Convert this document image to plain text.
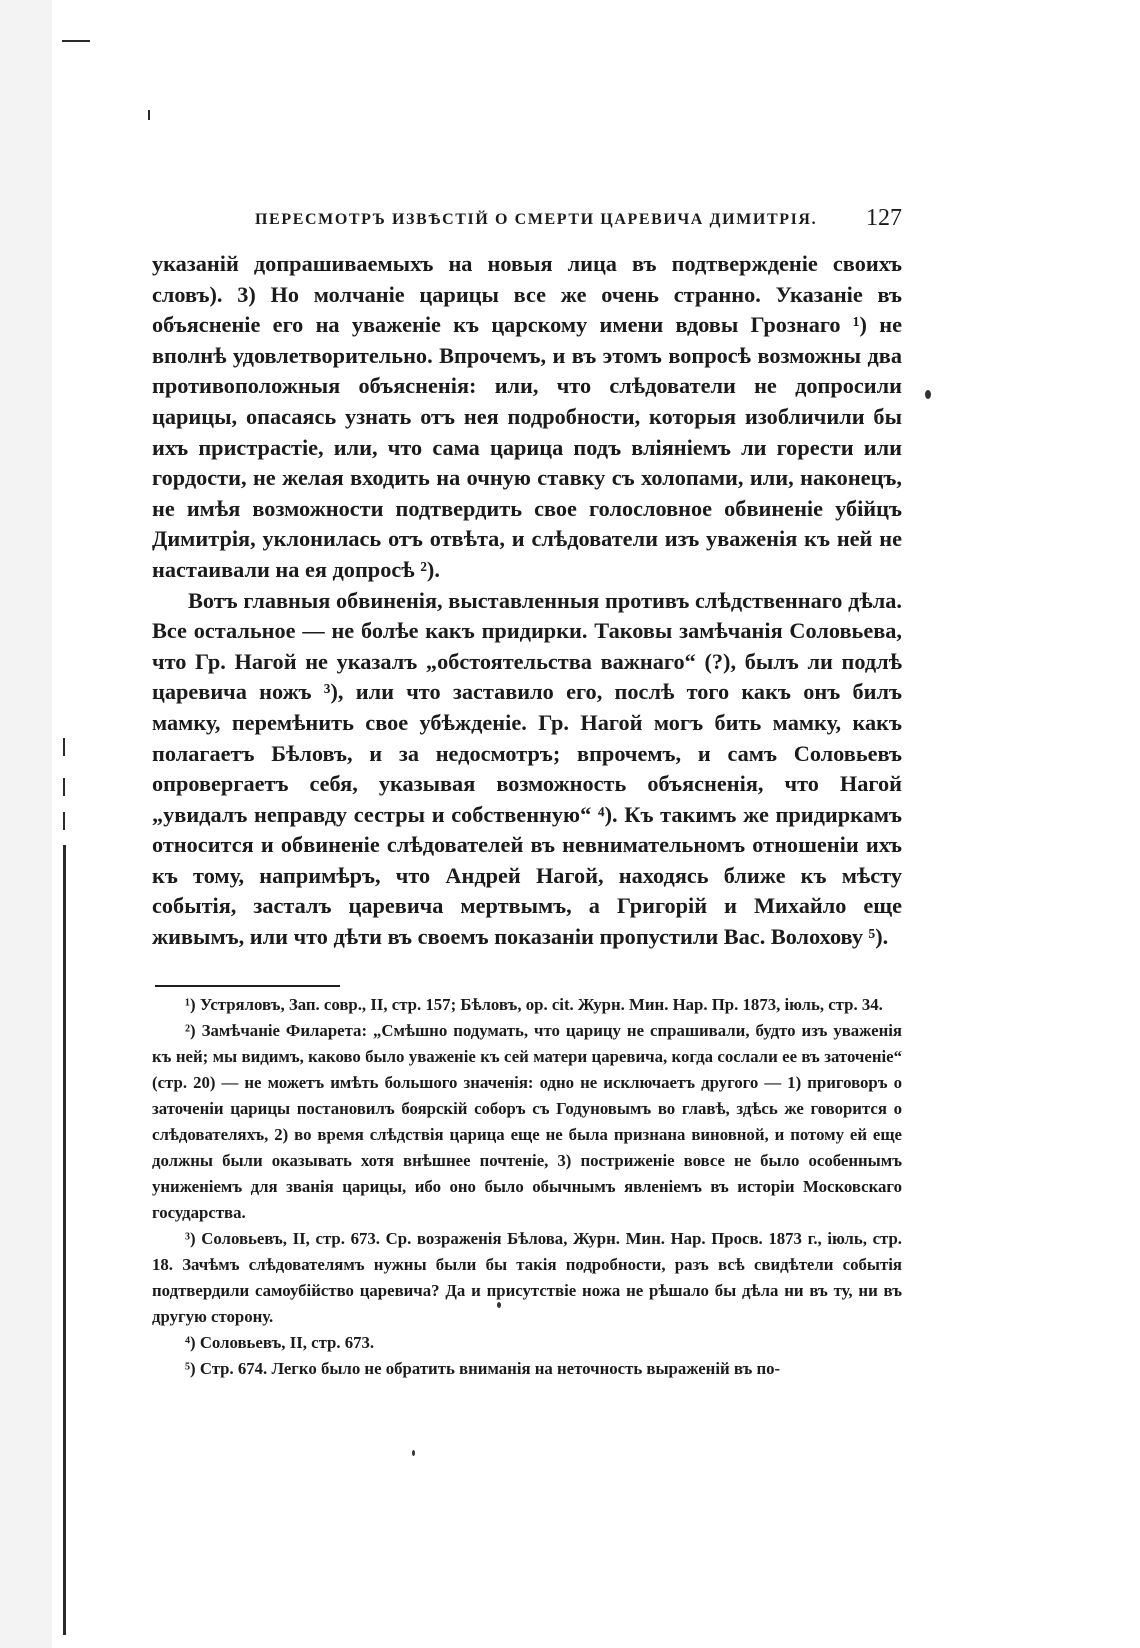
ПЕРЕСМОТРЪ ИЗВѢСТІЙ О СМЕРТИ ЦАРЕВИЧА ДИМИТРІЯ. 127

указаній допрашиваемыхъ на новыя лица въ подтвержденіе своихъ словъ). 3) Но молчаніе царицы все же очень странно. Указаніе въ объясненіе его на уваженіе къ царскому имени вдовы Грознаго ¹) не вполнѣ удовлетворительно. Впрочемъ, и въ этомъ вопросѣ возможны два противоположныя объясненія: или, что слѣдователи не допросили царицы, опасаясь узнать отъ нея подробности, которыя изобличили бы ихъ пристрастіе, или, что сама царица подъ вліяніемъ ли горести или гордости, не желая входить на очную ставку съ холопами, или, наконецъ, не имѣя возможности подтвердить свое голословное обвиненіе убійцъ Димитрія, уклонилась отъ отвѣта, и слѣдователи изъ уваженія къ ней не настаивали на ея допросѣ ²).

Вотъ главныя обвиненія, выставленныя противъ слѣдственнаго дѣла. Все остальное — не болѣе какъ придирки. Таковы замѣчанія Соловьева, что Гр. Нагой не указалъ „обстоятельства важнаго“ (?), былъ ли подлѣ царевича ножъ ³), или что заставило его, послѣ того какъ онъ билъ мамку, перемѣнить свое убѣжденіе. Гр. Нагой могъ бить мамку, какъ полагаетъ Бѣловъ, и за недосмотръ; впрочемъ, и самъ Соловьевъ опровергаетъ себя, указывая возможность объясненія, что Нагой „увидалъ неправду сестры и собственную“ ⁴). Къ такимъ же придиркамъ относится и обвиненіе слѣдователей въ невнимательномъ отношеніи ихъ къ тому, напримѣръ, что Андрей Нагой, находясь ближе къ мѣсту событія, засталъ царевича мертвымъ, а Григорій и Михайло еще живымъ, или что дѣти въ своемъ показаніи пропустили Вас. Волохову ⁵).

¹) Устряловъ, Зап. совр., II, стр. 157; Бѣловъ, op. cit. Журн. Мин. Нар. Пр. 1873, іюль, стр. 34.

²) Замѣчаніе Филарета: „Смѣшно подумать, что царицу не спрашивали, будто изъ уваженія къ ней; мы видимъ, каково было уваженіе къ сей матери царевича, когда сослали ее въ заточеніе“ (стр. 20) — не можетъ имѣть большого значенія: одно не исключаетъ другого — 1) приговоръ о заточеніи царицы постановилъ боярскій соборъ съ Годуновымъ во главѣ, здѣсь же говорится о слѣдователяхъ, 2) во время слѣдствія царица еще не была признана виновной, и потому ей еще должны были оказывать хотя внѣшнее почтеніе, 3) постриженіе вовсе не было особеннымъ униженіемъ для званія царицы, ибо оно было обычнымъ явленіемъ въ исторіи Московскаго государства.

³) Соловьевъ, II, стр. 673. Ср. возраженія Бѣлова, Журн. Мин. Нар. Просв. 1873 г., іюль, стр. 18. Зачѣмъ слѣдователямъ нужны были бы такія подробности, разъ всѣ свидѣтели событія подтвердили самоубійство царевича? Да и присутствіе ножа не рѣшало бы дѣла ни въ ту, ни въ другую сторону.

⁴) Соловьевъ, II, стр. 673.

⁵) Стр. 674. Легко было не обратить вниманія на неточность выраженій въ по-
